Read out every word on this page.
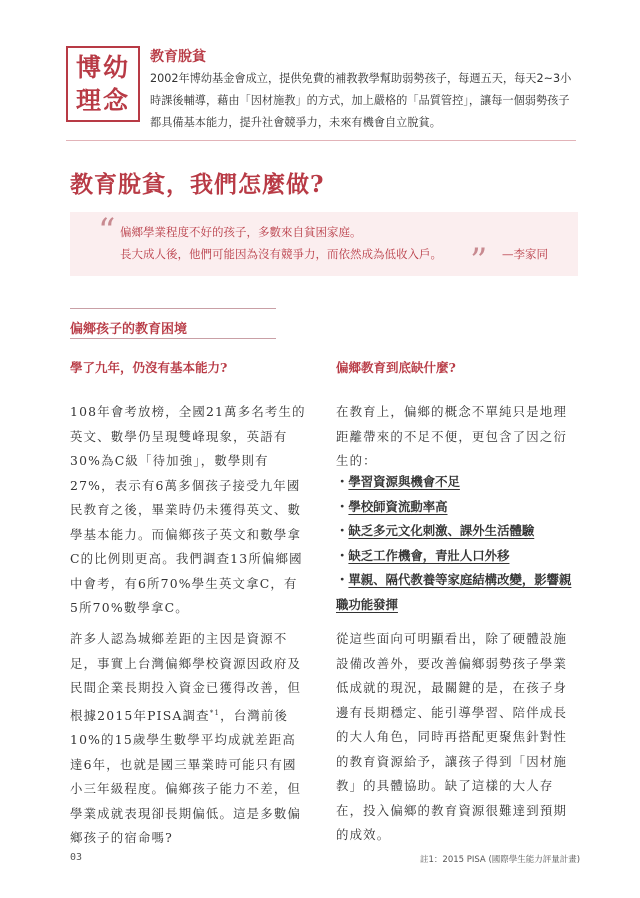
博幼
理念
教育脫貧
2002年博幼基金會成立，提供免費的補教教學幫助弱勢孩子，每週五天，每天2~3小時課後輔導，藉由「因材施教」的方式，加上嚴格的「品質管控」，讓每一個弱勢孩子都具備基本能力，提升社會競爭力，未來有機會自立脫貧。
教育脫貧，我們怎麼做?
“ 偏鄉學業程度不好的孩子，多數來自貧困家庭。
長大成人後，他們可能因為沒有競爭力，而依然成為低收入戶。 ” —李家同
偏鄉孩子的教育困境
學了九年，仍沒有基本能力?	偏鄉教育到底缺什麼?
108年會考放榜，全國21萬多名考生的英文、數學仍呈現雙峰現象，英語有30%為C級「待加強」，數學則有27%，表示有6萬多個孩子接受九年國民教育之後，畢業時仍未獲得英文、數學基本能力。而偏鄉孩子英文和數學拿C的比例則更高。我們調查13所偏鄉國中會考，有6所70%學生英文拿C，有5所70%數學拿C。
許多人認為城鄉差距的主因是資源不足，事實上台灣偏鄉學校資源因政府及民間企業長期投入資金已獲得改善，但根據2015年PISA調查$^{*1}$，台灣前後10%的15歲學生數學平均成就差距高達6年，也就是國三畢業時可能只有國小三年級程度。偏鄉孩子能力不差，但學業成就表現卻長期偏低。這是多數偏鄉孩子的宿命嗎?
在教育上，偏鄉的概念不單純只是地理距離帶來的不足不便，更包含了因之衍生的：
・學習資源與機會不足
・學校師資流動率高
・缺乏多元文化刺激、課外生活體驗
・缺乏工作機會，青壯人口外移
・單親、隔代教養等家庭結構改變，影響親職功能發揮
從這些面向可明顯看出，除了硬體設施設備改善外，要改善偏鄉弱勢孩子學業低成就的現況，最關鍵的是，在孩子身邊有長期穩定、能引導學習、陪伴成長的大人角色，同時再搭配更聚焦針對性的教育資源給予，讓孩子得到「因材施教」的具體協助。缺了這樣的大人存在，投入偏鄉的教育資源很難達到預期的成效。
03	註1：2015 PISA (國際學生能力評量計畫)
